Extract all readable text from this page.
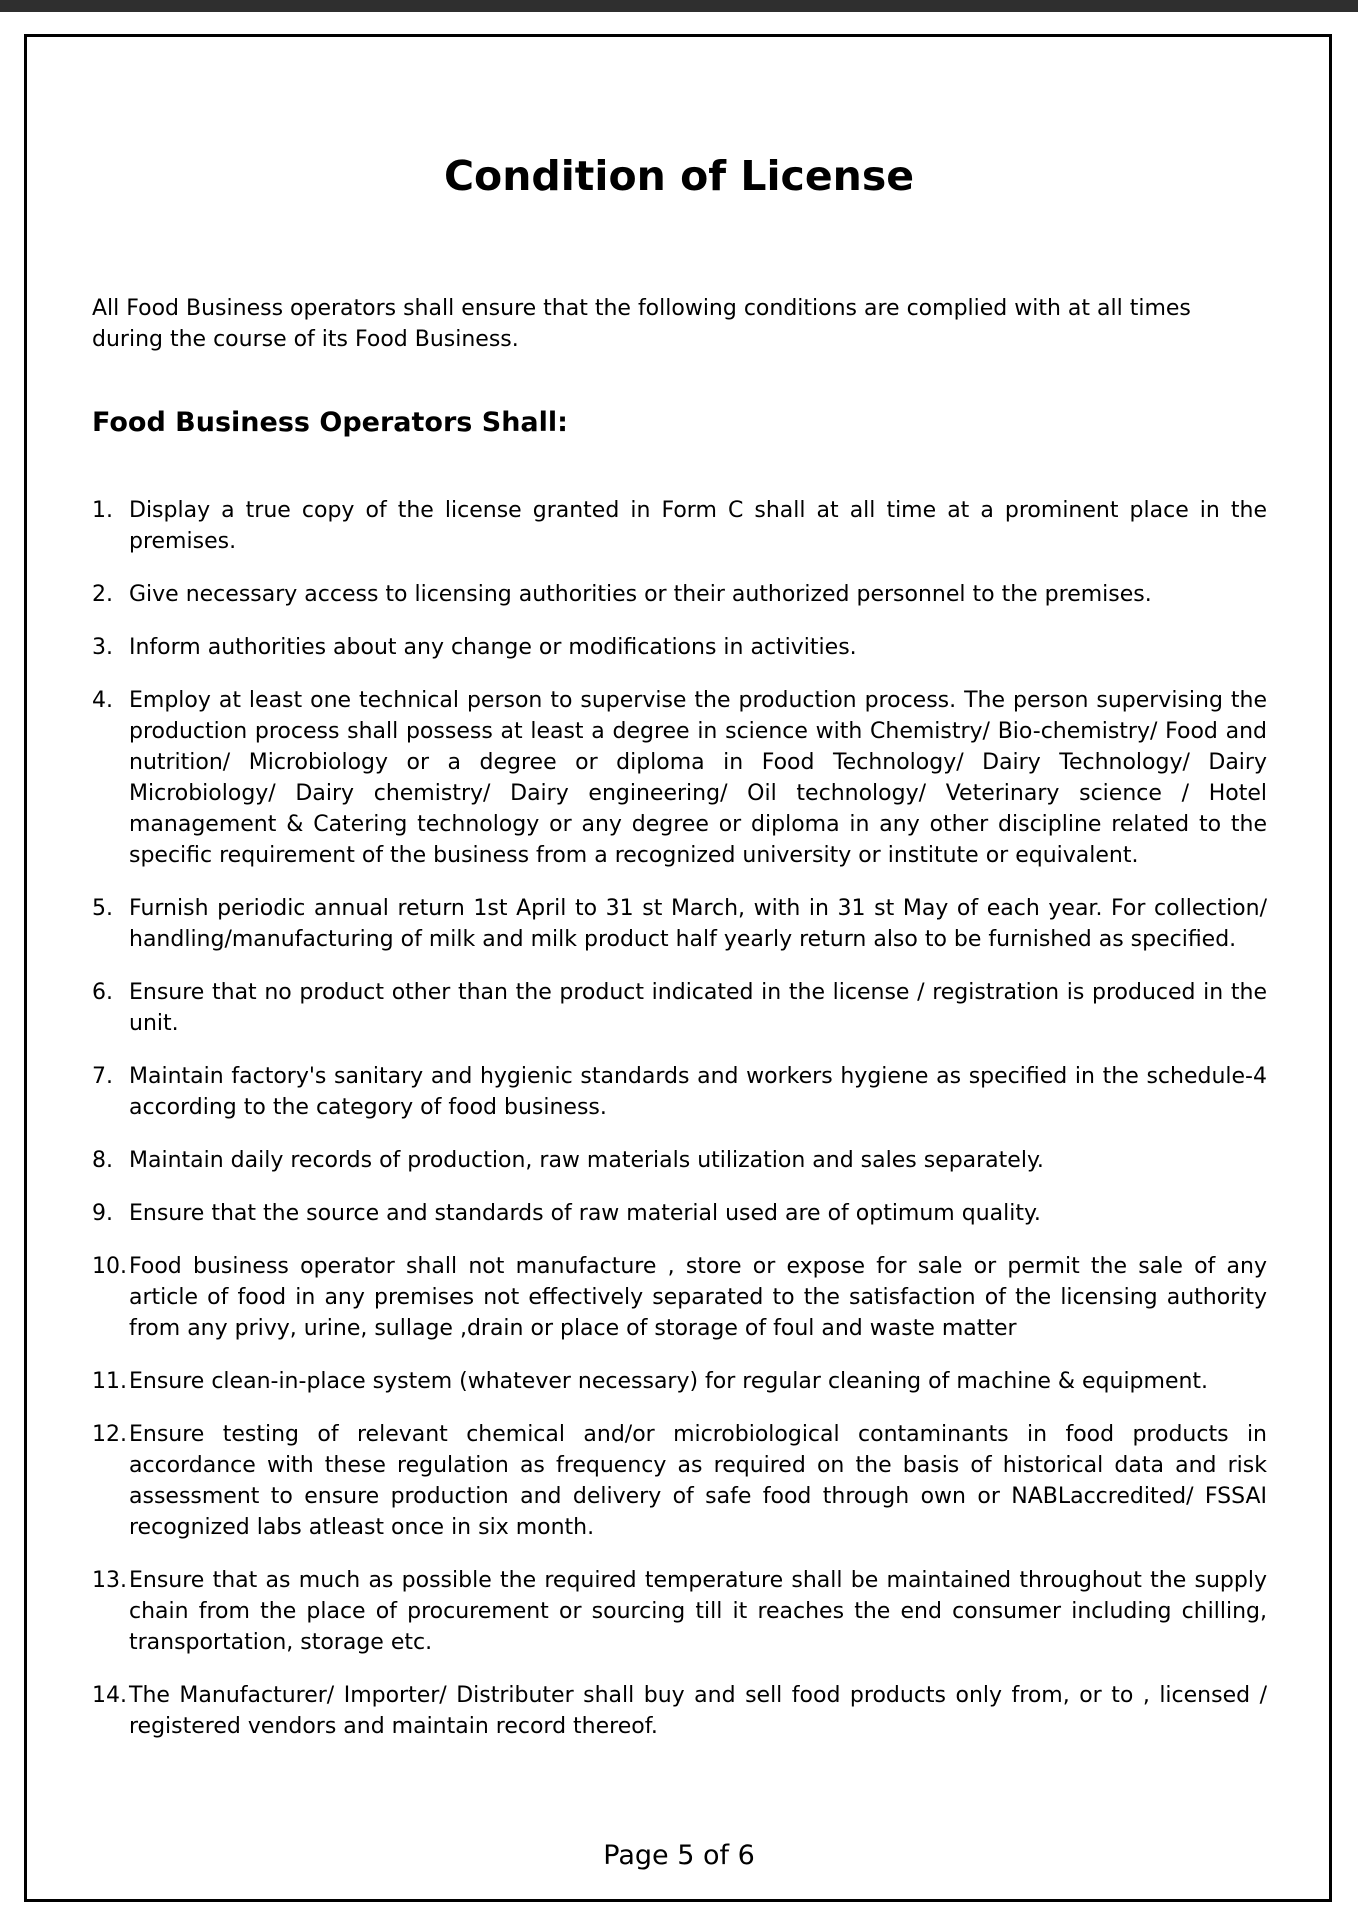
Condition of License
All Food Business operators shall ensure that the following conditions are complied with at all times during the course of its Food Business.
Food Business Operators Shall:
1. Display a true copy of the license granted in Form C shall at all time at a prominent place in the premises.
2. Give necessary access to licensing authorities or their authorized personnel to the premises.
3. Inform authorities about any change or modifications in activities.
4. Employ at least one technical person to supervise the production process. The person supervising the production process shall possess at least a degree in science with Chemistry/ Bio-chemistry/ Food and nutrition/ Microbiology or a degree or diploma in Food Technology/ Dairy Technology/ Dairy Microbiology/ Dairy chemistry/ Dairy engineering/ Oil technology/ Veterinary science / Hotel management & Catering technology or any degree or diploma in any other discipline related to the specific requirement of the business from a recognized university or institute or equivalent.
5. Furnish periodic annual return 1st April to 31 st March, with in 31 st May of each year. For collection/ handling/manufacturing of milk and milk product half yearly return also to be furnished as specified.
6. Ensure that no product other than the product indicated in the license / registration is produced in the unit.
7. Maintain factory's sanitary and hygienic standards and workers hygiene as specified in the schedule-4 according to the category of food business.
8. Maintain daily records of production, raw materials utilization and sales separately.
9. Ensure that the source and standards of raw material used are of optimum quality.
10. Food business operator shall not manufacture , store or expose for sale or permit the sale of any article of food in any premises not effectively separated to the satisfaction of the licensing authority from any privy, urine, sullage ,drain or place of storage of foul and waste matter
11. Ensure clean-in-place system (whatever necessary) for regular cleaning of machine & equipment.
12. Ensure testing of relevant chemical and/or microbiological contaminants in food products in accordance with these regulation as frequency as required on the basis of historical data and risk assessment to ensure production and delivery of safe food through own or NABLaccredited/ FSSAI recognized labs atleast once in six month.
13. Ensure that as much as possible the required temperature shall be maintained throughout the supply chain from the place of procurement or sourcing till it reaches the end consumer including chilling, transportation, storage etc.
14. The Manufacturer/ Importer/ Distributer shall buy and sell food products only from, or to , licensed / registered vendors and maintain record thereof.
Page 5 of 6
